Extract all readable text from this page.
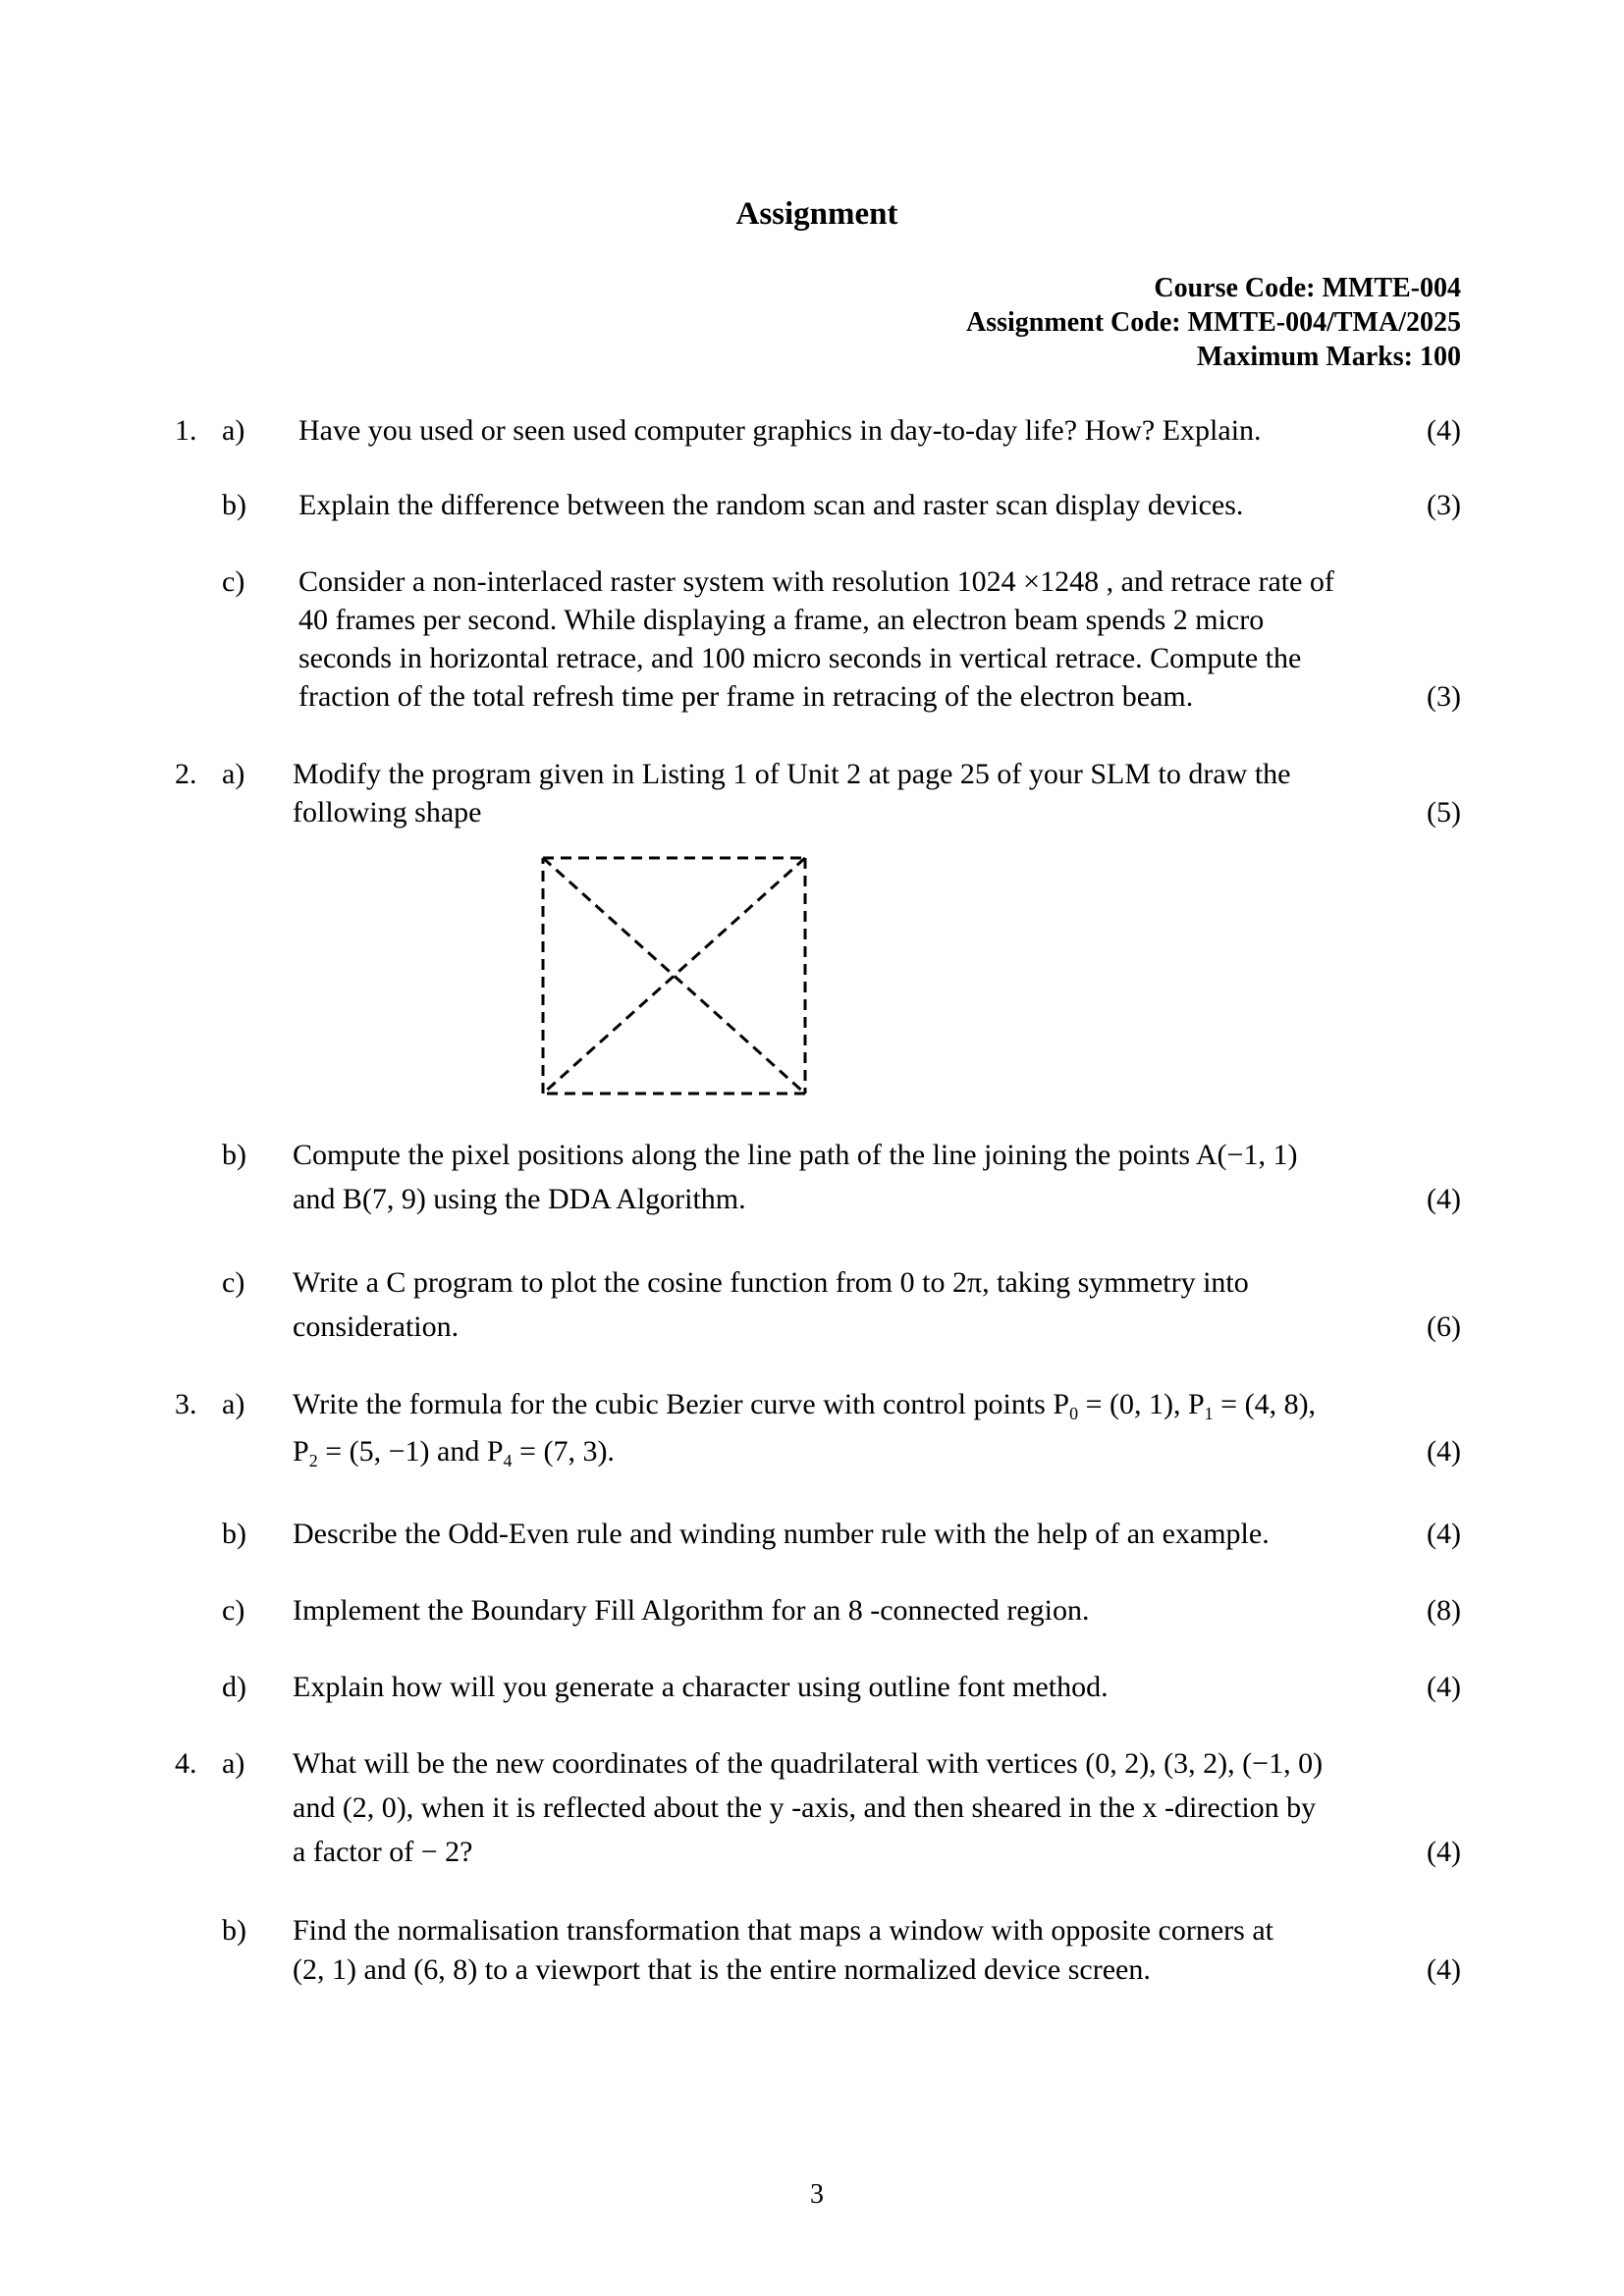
Assignment
Course Code: MMTE-004
Assignment Code: MMTE-004/TMA/2025
Maximum Marks: 100
1. a) Have you used or seen used computer graphics in day-to-day life? How? Explain.	(4)
b) Explain the difference between the random scan and raster scan display devices.	(3)
c) Consider a non-interlaced raster system with resolution 1024 ×1248 , and retrace rate of
40 frames per second. While displaying a frame, an electron beam spends 2 micro
seconds in horizontal retrace, and 100 micro seconds in vertical retrace. Compute the
fraction of the total refresh time per frame in retracing of the electron beam.	(3)
2. a) Modify the program given in Listing 1 of Unit 2 at page 25 of your SLM to draw the
following shape	(5)
b) Compute the pixel positions along the line path of the line joining the points A(−1, 1)
and B(7, 9) using the DDA Algorithm.	(4)
c) Write a C program to plot the cosine function from 0 to 2π, taking symmetry into
consideration.	(6)
3. a) Write the formula for the cubic Bezier curve with control points $P_0 = (0$, 1), $P_1 = (4$, 8),
$P_2 = (5$, −1) and $P_4 = (7$, 3).	(4)
b) Describe the Odd-Even rule and winding number rule with the help of an example.	(4)
c) Implement the Boundary Fill Algorithm for an 8 -connected region.	(8)
d) Explain how will you generate a character using outline font method.	(4)
4. a) What will be the new coordinates of the quadrilateral with vertices (0, 2), (3, 2), (−1, 0)
and (2, 0), when it is reflected about the y -axis, and then sheared in the x -direction by
a factor of − 2?	(4)
b) Find the normalisation transformation that maps a window with opposite corners at
(2, 1) and (6, 8) to a viewport that is the entire normalized device screen.	(4)
3
